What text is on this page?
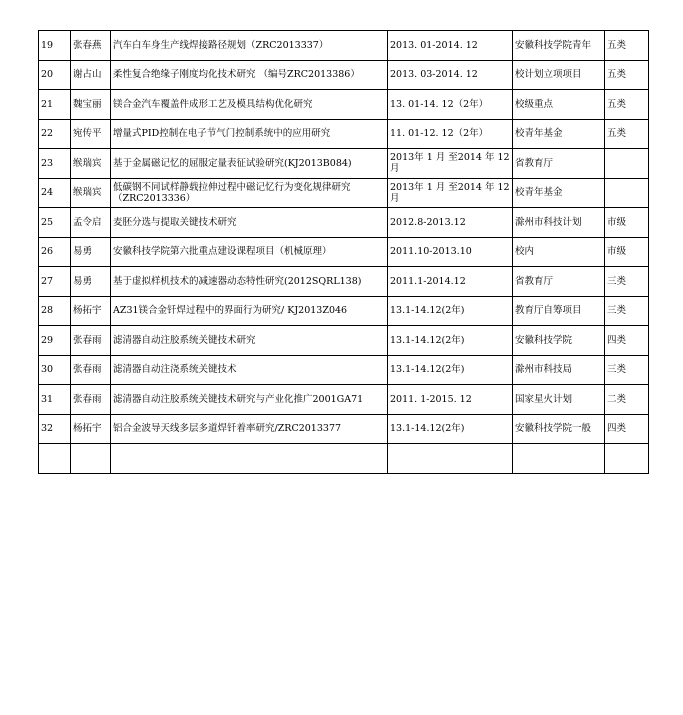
19	张春燕	汽车白车身生产线焊接路径规划（ZRC2013337）	2013. 01-2014. 12	安徽科技学院青年	五类
20	谢占山	柔性复合绝缘子刚度均化技术研究 （编号ZRC2013386）	2013. 03-2014. 12	校计划立项项目	五类
21	魏宝丽	镁合金汽车覆盖件成形工艺及模具结构优化研究	13. 01-14. 12（2年）	校级重点	五类
22	宛传平	增量式PID控制在电子节气门控制系统中的应用研究	11. 01-12. 12（2年）	校青年基金	五类
23	缑瑞宾	基于金属磁记忆的屈服定量表征试验研究(KJ2013B084)	2013年 1 月 至2014 年 12 月	省教育厅	
24	缑瑞宾	低碳钢不同试样静载拉伸过程中磁记忆行为变化规律研究（ZRC2013336）	2013年 1 月 至2014 年 12 月	校青年基金	
25	孟令启	麦胚分选与提取关键技术研究	2012.8-2013.12	滁州市科技计划	市级
26	易勇	安徽科技学院第六批重点建设课程项目（机械原理）	2011.10-2013.10	校内	市级
27	易勇	基于虚拟样机技术的减速器动态特性研究(2012SQRL138)	2011.1-2014.12	省教育厅	三类
28	杨拓宇	AZ31镁合金钎焊过程中的界面行为研究/ KJ2013Z046	13.1-14.12(2年)	教育厅自筹项目	三类
29	张春雨	滤清器自动注胶系统关键技术研究	13.1-14.12(2年)	安徽科技学院	四类
30	张春雨	滤清器自动注浇系统关键技术	13.1-14.12(2年)	滁州市科技局	三类
31	张春雨	滤清器自动注胶系统关键技术研究与产业化推广2001GA71	2011. 1-2015. 12	国家星火计划	二类
32	杨拓宇	铝合金波导天线多层多道焊钎着率研究/ZRC2013377	13.1-14.12(2年)	安徽科技学院一般	四类
